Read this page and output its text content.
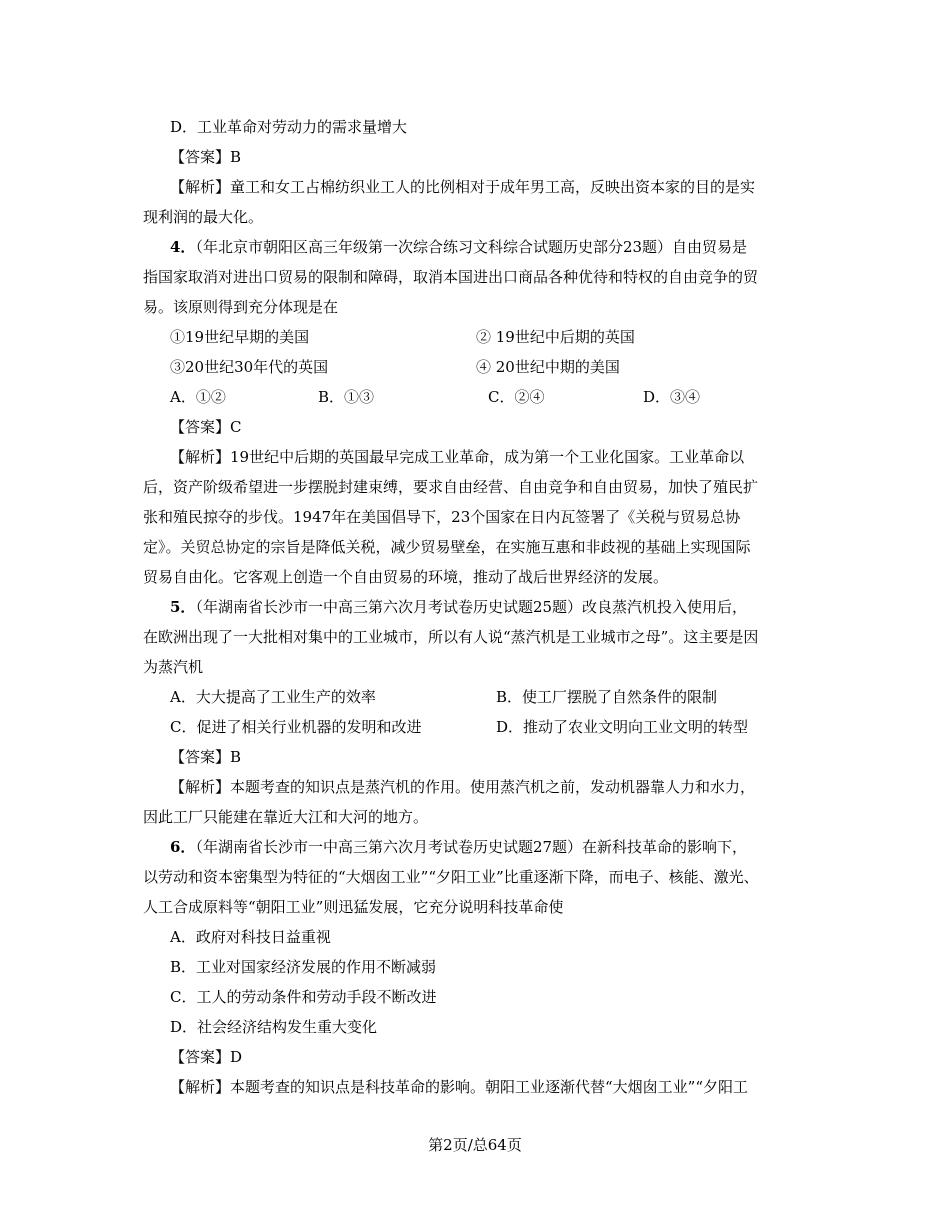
D．工业革命对劳动力的需求量增大
【答案】B
【解析】童工和女工占棉纺织业工人的比例相对于成年男工高，反映出资本家的目的是实
现利润的最大化。
4．（年北京市朝阳区高三年级第一次综合练习文科综合试题历史部分23题）自由贸易是
指国家取消对进出口贸易的限制和障碍，取消本国进出口商品各种优待和特权的自由竞争的贸
易。该原则得到充分体现是在
①19世纪早期的美国	② 19世纪中后期的英国
③20世纪30年代的英国	④ 20世纪中期的美国
A．①②	B．①③	C．②④	D．③④
【答案】C
【解析】19世纪中后期的英国最早完成工业革命，成为第一个工业化国家。工业革命以
后，资产阶级希望进一步摆脱封建束缚，要求自由经营、自由竞争和自由贸易，加快了殖民扩
张和殖民掠夺的步伐。1947年在美国倡导下，23个国家在日内瓦签署了《关税与贸易总协
定》。关贸总协定的宗旨是降低关税，减少贸易壁垒，在实施互惠和非歧视的基础上实现国际
贸易自由化。它客观上创造一个自由贸易的环境，推动了战后世界经济的发展。
5．（年湖南省长沙市一中高三第六次月考试卷历史试题25题）改良蒸汽机投入使用后，
在欧洲出现了一大批相对集中的工业城市，所以有人说“蒸汽机是工业城市之母”。这主要是因
为蒸汽机
A．大大提高了工业生产的效率	B．使工厂摆脱了自然条件的限制
C．促进了相关行业机器的发明和改进	D．推动了农业文明向工业文明的转型
【答案】B
【解析】本题考查的知识点是蒸汽机的作用。使用蒸汽机之前，发动机器靠人力和水力，
因此工厂只能建在靠近大江和大河的地方。
6．（年湖南省长沙市一中高三第六次月考试卷历史试题27题）在新科技革命的影响下，
以劳动和资本密集型为特征的“大烟囱工业”“夕阳工业”比重逐渐下降，而电子、核能、激光、
人工合成原料等“朝阳工业”则迅猛发展，它充分说明科技革命使
A．政府对科技日益重视
B．工业对国家经济发展的作用不断减弱
C．工人的劳动条件和劳动手段不断改进
D．社会经济结构发生重大变化
【答案】D
【解析】本题考查的知识点是科技革命的影响。朝阳工业逐渐代替“大烟囱工业”“夕阳工
第2页/总64页
